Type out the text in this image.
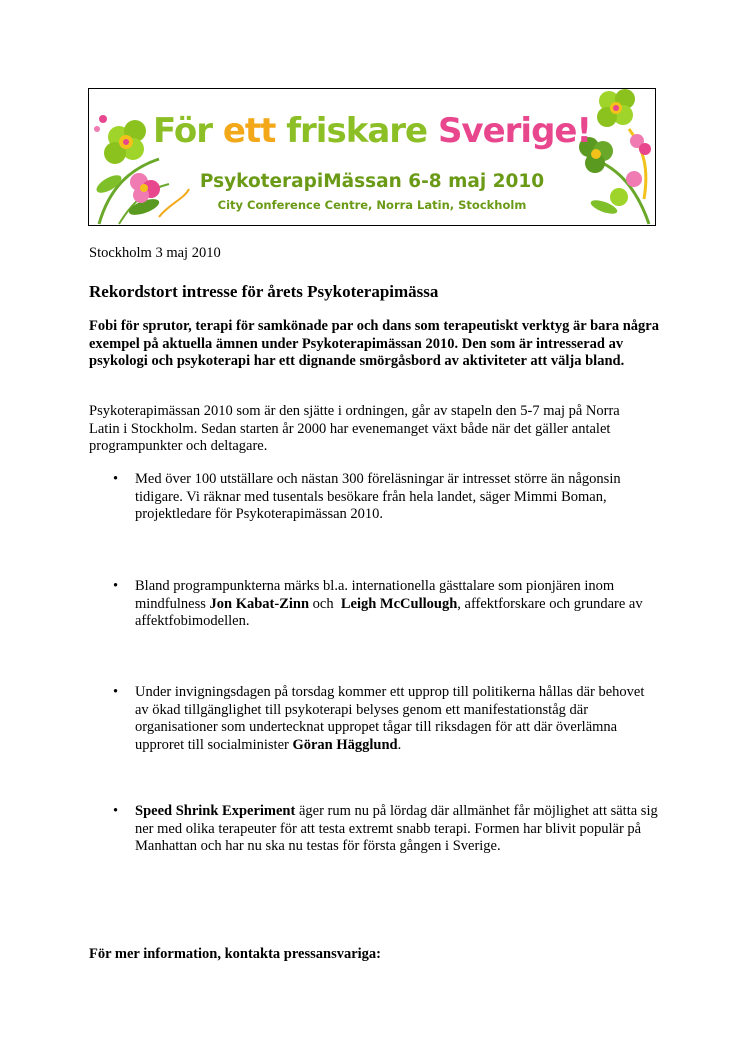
För ett friskare Sverige!
PsykoterapiMässan 6-8 maj 2010
City Conference Centre, Norra Latin, Stockholm
Stockholm 3 maj 2010
Rekordstort intresse för årets Psykoterapimässa
Fobi för sprutor, terapi för samkönade par och dans som terapeutiskt verktyg är bara några exempel på aktuella ämnen under Psykoterapimässan 2010. Den som är intresserad av psykologi och psykoterapi har ett dignande smörgåsbord av aktiviteter att välja bland.
Psykoterapimässan 2010 som är den sjätte i ordningen, går av stapeln den 5-7 maj på Norra Latin i Stockholm. Sedan starten år 2000 har evenemanget växt både när det gäller antalet programpunkter och deltagare.
• Med över 100 utställare och nästan 300 föreläsningar är intresset större än någonsin tidigare. Vi räknar med tusentals besökare från hela landet, säger Mimmi Boman, projektledare för Psykoterapimässan 2010.
• Bland programpunkterna märks bl.a. internationella gästtalare som pionjären inom mindfulness Jon Kabat-Zinn och  Leigh McCullough, affektforskare och grundare av affektfobimodellen.
• Under invigningsdagen på torsdag kommer ett upprop till politikerna hållas där behovet av ökad tillgänglighet till psykoterapi belyses genom ett manifestationståg där organisationer som undertecknat uppropet tågar till riksdagen för att där överlämna upproret till socialminister Göran Hägglund.
• Speed Shrink Experiment äger rum nu på lördag där allmänhet får möjlighet att sätta sig ner med olika terapeuter för att testa extremt snabb terapi. Formen har blivit populär på Manhattan och har nu ska nu testas för första gången i Sverige.
För mer information, kontakta pressansvariga:
